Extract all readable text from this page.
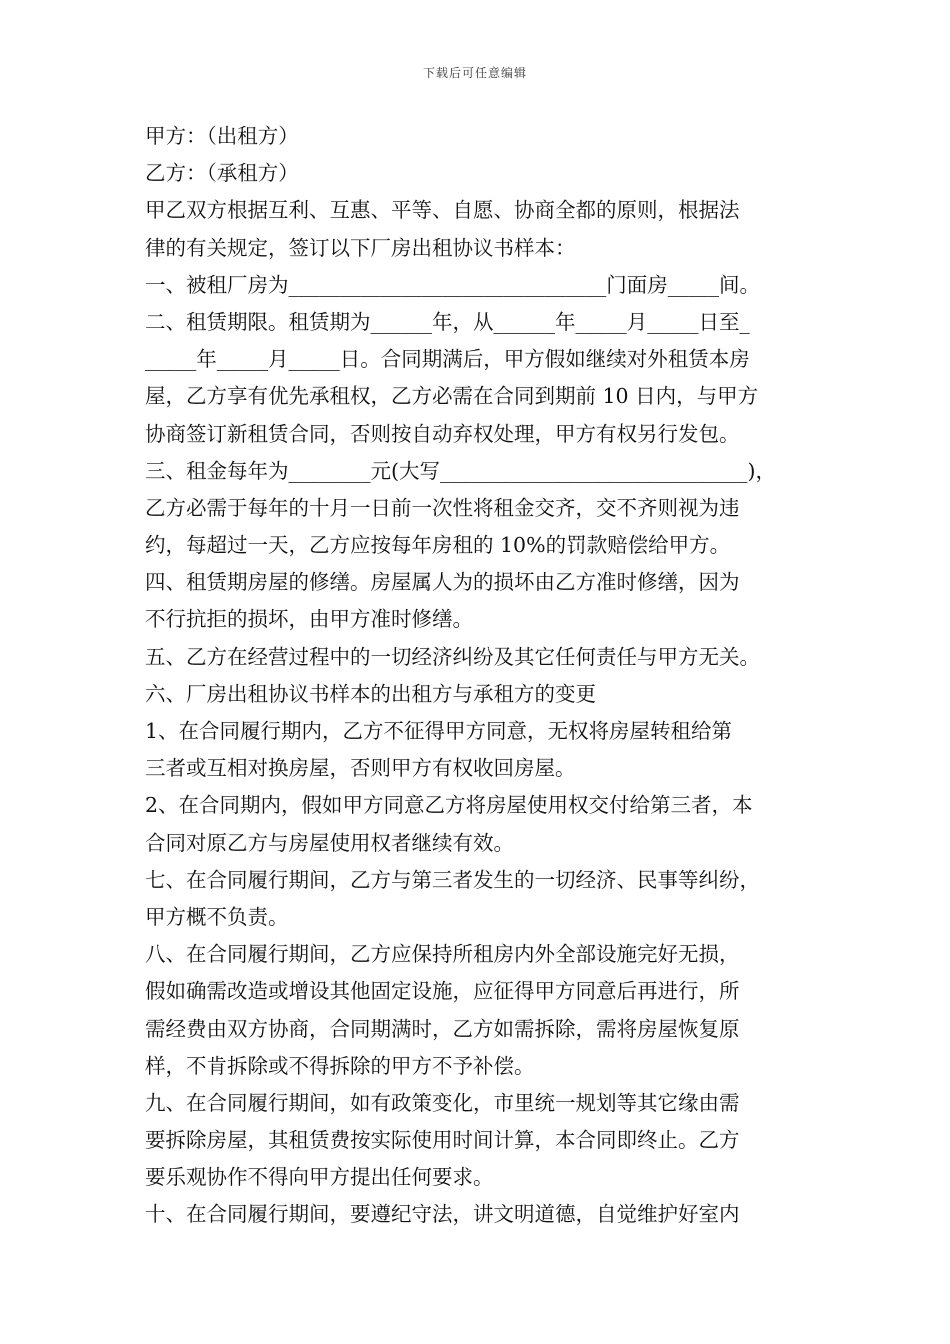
下载后可任意编辑
甲方：（出租方）
乙方：（承租方）
甲乙双方根据互利、互惠、平等、自愿、协商全都的原则，根据法
律的有关规定，签订以下厂房出租协议书样本：
一、被租厂房为_______________________________门面房_____间。
二、租赁期限。租赁期为______年，从______年_____月_____日至_
_____年_____月_____日。合同期满后，甲方假如继续对外租赁本房
屋，乙方享有优先承租权，乙方必需在合同到期前 10 日内，与甲方
协商签订新租赁合同，否则按自动弃权处理，甲方有权另行发包。
三、租金每年为________元(大写______________________________)，
乙方必需于每年的十月一日前一次性将租金交齐，交不齐则视为违
约，每超过一天，乙方应按每年房租的 10%的罚款赔偿给甲方。
四、租赁期房屋的修缮。房屋属人为的损坏由乙方准时修缮，因为
不行抗拒的损坏，由甲方准时修缮。
五、乙方在经营过程中的一切经济纠纷及其它任何责任与甲方无关。
六、厂房出租协议书样本的出租方与承租方的变更
1、在合同履行期内，乙方不征得甲方同意，无权将房屋转租给第
三者或互相对换房屋，否则甲方有权收回房屋。
2、在合同期内，假如甲方同意乙方将房屋使用权交付给第三者，本
合同对原乙方与房屋使用权者继续有效。
七、在合同履行期间，乙方与第三者发生的一切经济、民事等纠纷，
甲方概不负责。
八、在合同履行期间，乙方应保持所租房内外全部设施完好无损，
假如确需改造或增设其他固定设施，应征得甲方同意后再进行，所
需经费由双方协商，合同期满时，乙方如需拆除，需将房屋恢复原
样，不肯拆除或不得拆除的甲方不予补偿。
九、在合同履行期间，如有政策变化，市里统一规划等其它缘由需
要拆除房屋，其租赁费按实际使用时间计算，本合同即终止。乙方
要乐观协作不得向甲方提出任何要求。
十、在合同履行期间，要遵纪守法，讲文明道德，自觉维护好室内
